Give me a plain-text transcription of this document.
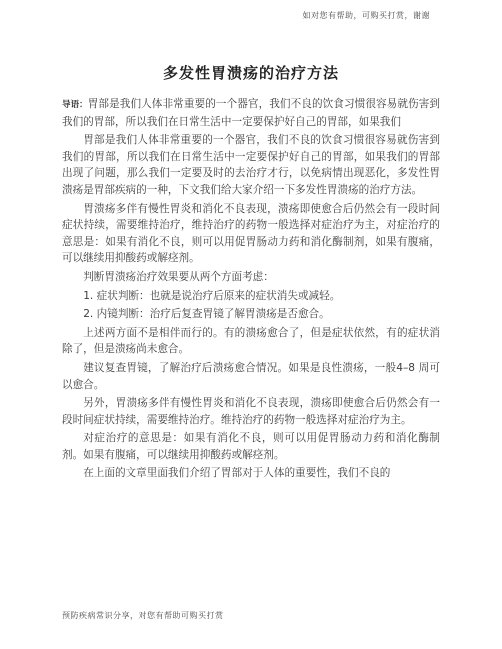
如对您有帮助，可购买打赏，谢谢
多发性胃溃疡的治疗方法

导语：胃部是我们人体非常重要的一个器官，我们不良的饮食习惯很容易就伤害到我们的胃部，所以我们在日常生活中一定要保护好自己的胃部，如果我们

胃部是我们人体非常重要的一个器官，我们不良的饮食习惯很容易就伤害到我们的胃部，所以我们在日常生活中一定要保护好自己的胃部，如果我们的胃部出现了问题，那么我们一定要及时的去治疗才行，以免病情出现恶化，多发性胃溃疡是胃部疾病的一种，下文我们给大家介绍一下多发性胃溃疡的治疗方法。

胃溃疡多伴有慢性胃炎和消化不良表现，溃疡即使愈合后仍然会有一段时间症状持续，需要维持治疗，维持治疗的药物一般选择对症治疗为主，对症治疗的意思是：如果有消化不良，则可以用促胃肠动力药和消化酶制剂，如果有腹痛，可以继续用抑酸药或解痉剂。

判断胃溃疡治疗效果要从两个方面考虑：

1. 症状判断：也就是说治疗后原来的症状消失或减轻。

2. 内镜判断：治疗后复查胃镜了解胃溃疡是否愈合。

上述两方面不是相伴而行的。有的溃疡愈合了，但是症状依然，有的症状消除了，但是溃疡尚未愈合。

建议复查胃镜，了解治疗后溃疡愈合情况。如果是良性溃疡，一般4–8 周可以愈合。

另外，胃溃疡多伴有慢性胃炎和消化不良表现，溃疡即使愈合后仍然会有一段时间症状持续，需要维持治疗。维持治疗的药物一般选择对症治疗为主。

对症治疗的意思是：如果有消化不良，则可以用促胃肠动力药和消化酶制剂。如果有腹痛，可以继续用抑酸药或解痉剂。

在上面的文章里面我们介绍了胃部对于人体的重要性，我们不良的

预防疾病常识分享，对您有帮助可购买打赏
